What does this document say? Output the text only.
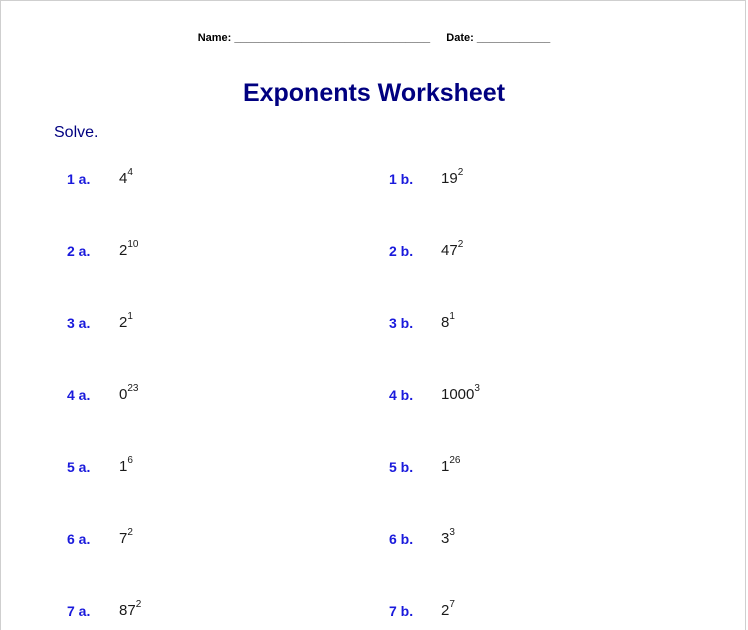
Name: ________________________________ Date: ____________
Exponents Worksheet
Solve.
1 a. $4^4$	1 b. $19^2$
2 a. $2^{10}$	2 b. $47^2$
3 a. $2^1$	3 b. $8^1$
4 a. $0^{23}$	4 b. 1000$^3$
5 a. $1^6$	5 b. $1^{26}$
6 a. $7^2$	6 b. $3^3$
7 a. $87^2$	7 b. $2^7$
